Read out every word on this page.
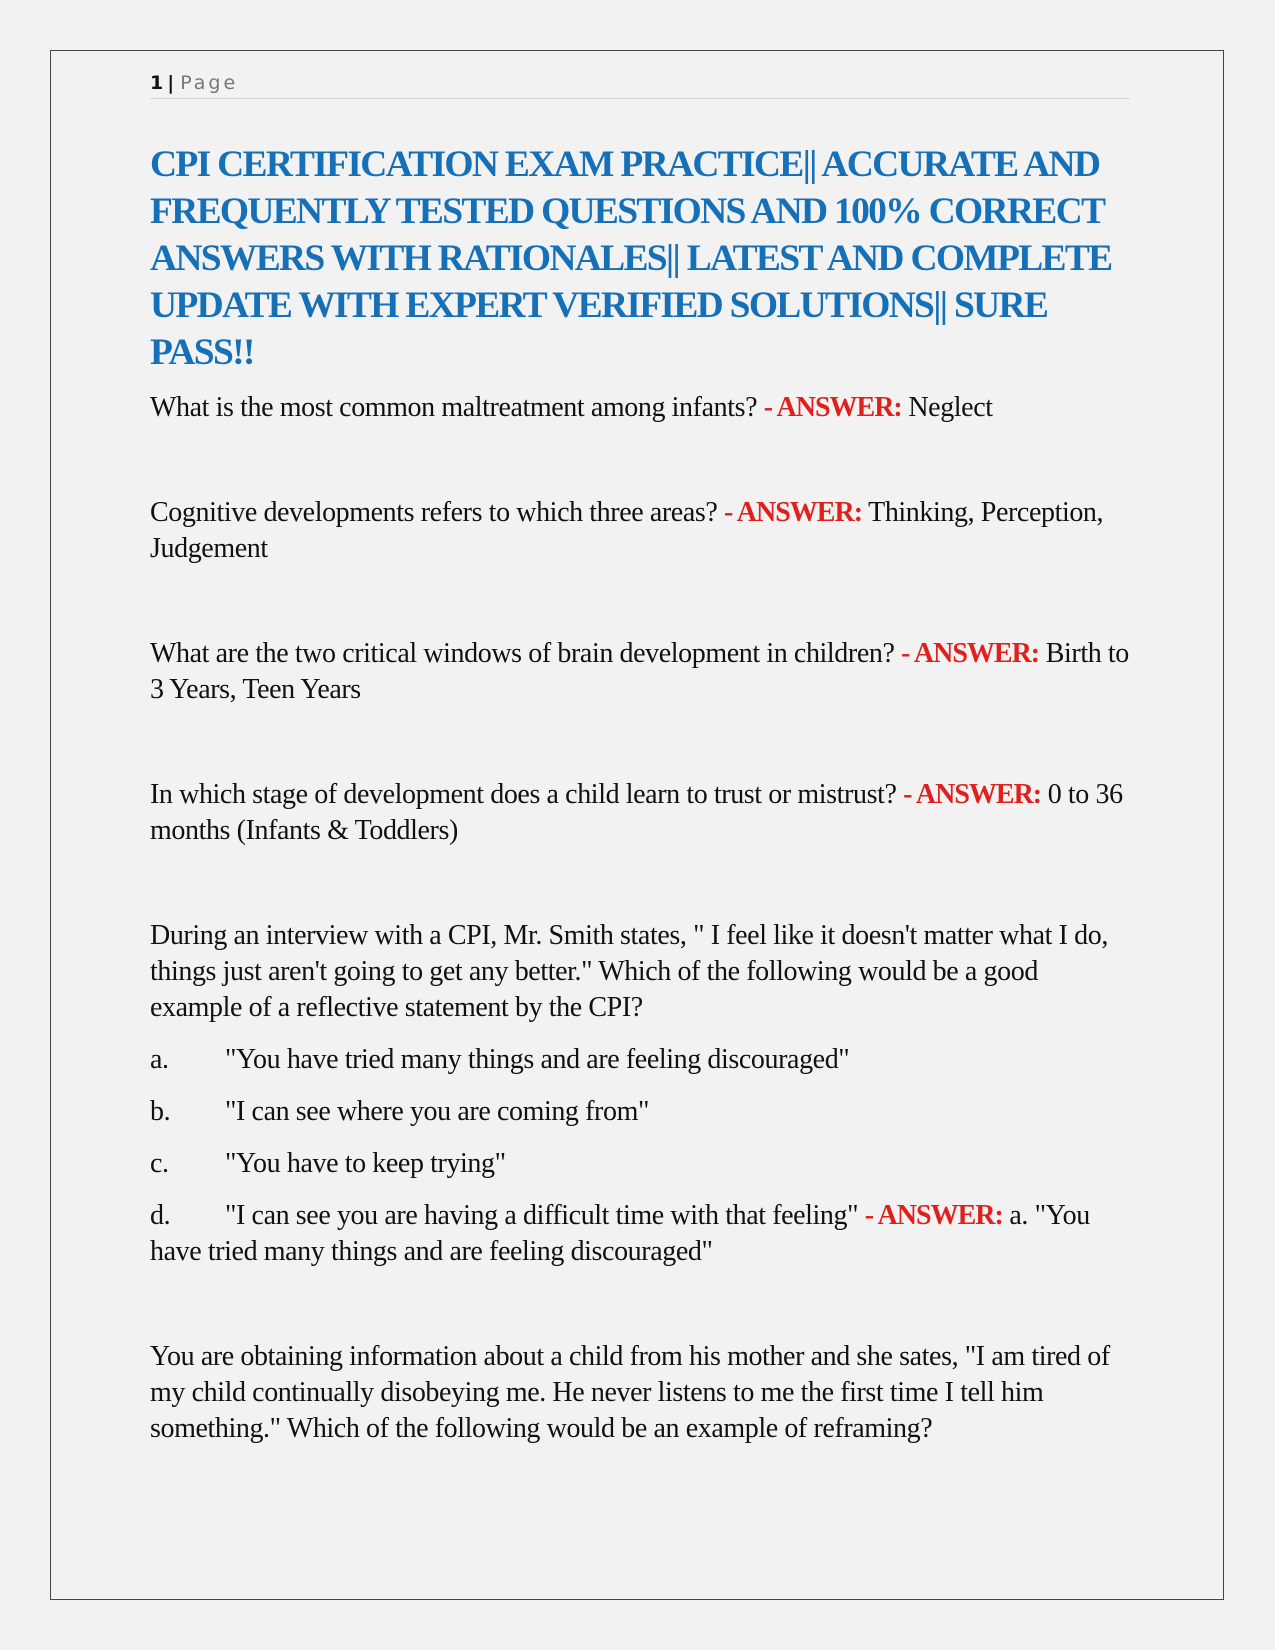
1 | Page
CPI CERTIFICATION EXAM PRACTICE|| ACCURATE AND FREQUENTLY TESTED QUESTIONS AND 100% CORRECT ANSWERS WITH RATIONALES|| LATEST AND COMPLETE UPDATE WITH EXPERT VERIFIED SOLUTIONS|| SURE PASS!!

What is the most common maltreatment among infants? - ANSWER: Neglect

Cognitive developments refers to which three areas? - ANSWER: Thinking, Perception, Judgement

What are the two critical windows of brain development in children? - ANSWER: Birth to 3 Years, Teen Years

In which stage of development does a child learn to trust or mistrust? - ANSWER: 0 to 36 months (Infants & Toddlers)

During an interview with a CPI, Mr. Smith states, " I feel like it doesn't matter what I do, things just aren't going to get any better." Which of the following would be a good example of a reflective statement by the CPI?

a.	"You have tried many things and are feeling discouraged"

b.	"I can see where you are coming from"

c.	"You have to keep trying"

d. "I can see you are having a difficult time with that feeling" - ANSWER: a. "You have tried many things and are feeling discouraged"

You are obtaining information about a child from his mother and she sates, "I am tired of my child continually disobeying me. He never listens to me the first time I tell him something." Which of the following would be an example of reframing?
